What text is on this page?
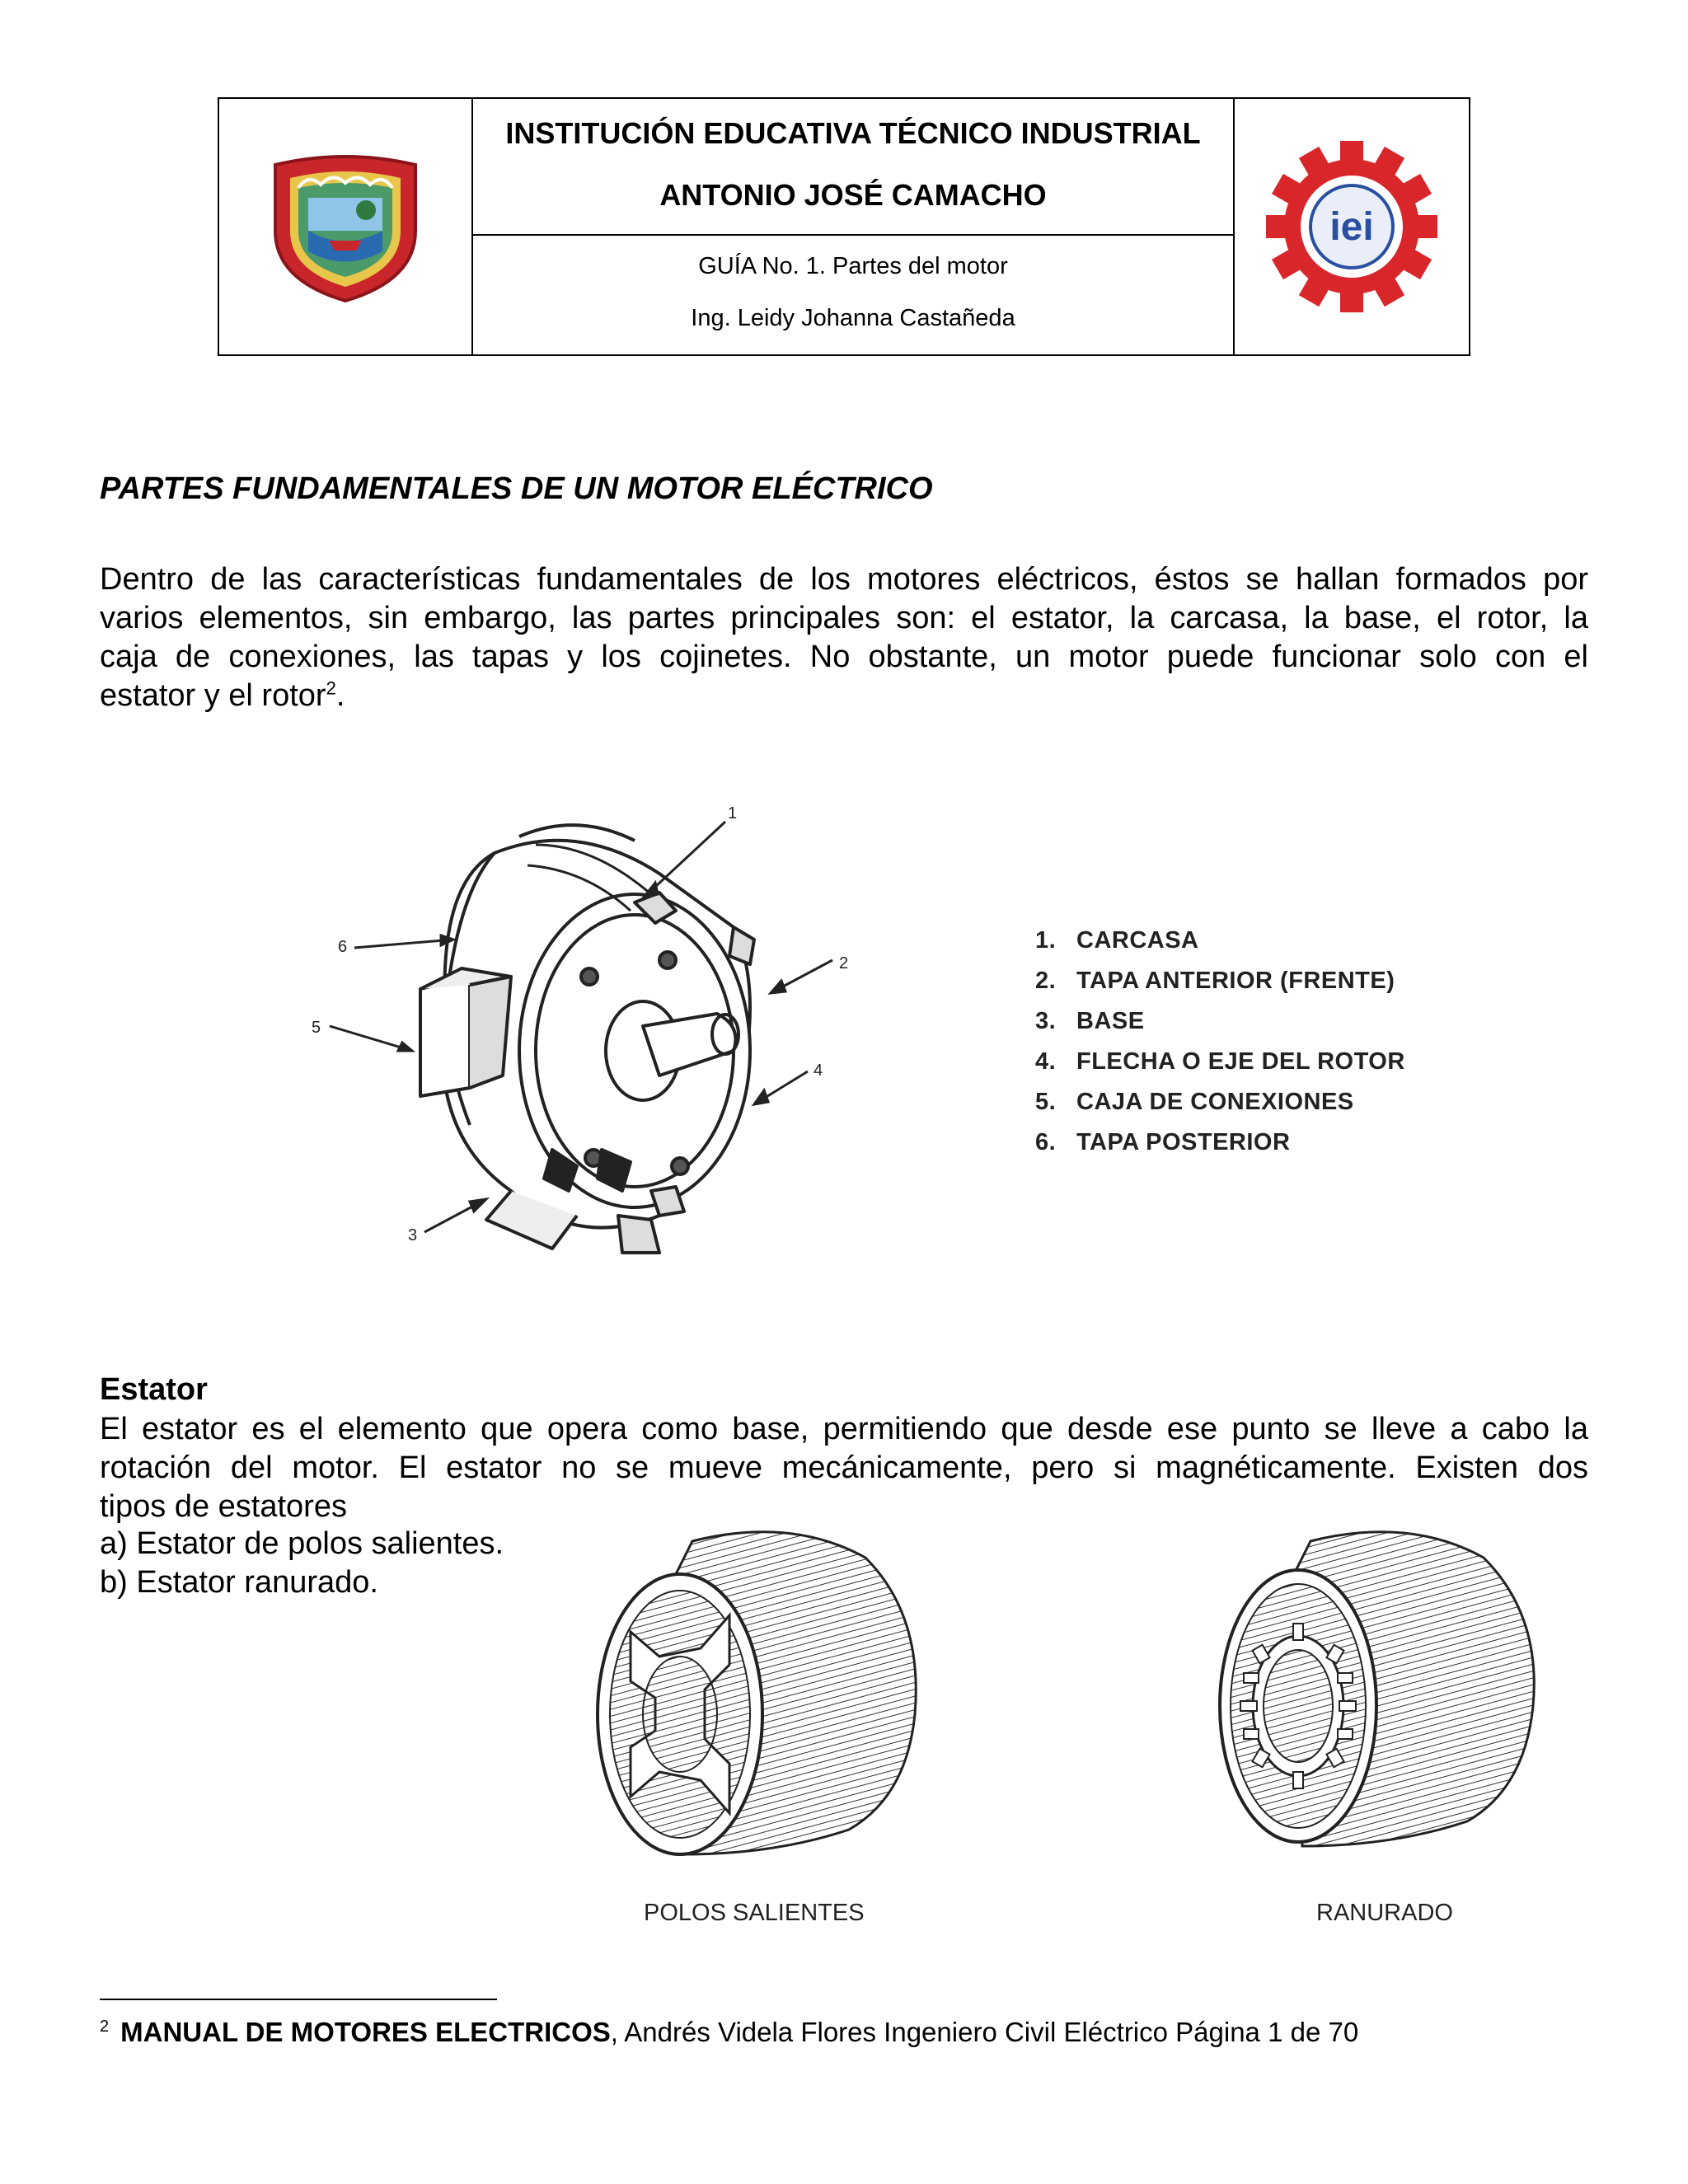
INSTITUCIÓN EDUCATIVA TÉCNICO INDUSTRIAL
ANTONIO JOSÉ CAMACHO
GUÍA No. 1. Partes del motor
Ing. Leidy Johanna Castañeda
iei
PARTES FUNDAMENTALES DE UN MOTOR ELÉCTRICO
Dentro de las características fundamentales de los motores eléctricos, éstos se hallan formados por
varios elementos, sin embargo, las partes principales son: el estator, la carcasa, la base, el rotor, la
caja de conexiones, las tapas y los cojinetes. No obstante, un motor puede funcionar solo con el
estator y el rotor$^2$.
1
2
3
4
5
6	1. CARCASA
2. TAPA ANTERIOR (FRENTE)
3. BASE
4. FLECHA O EJE DEL ROTOR
5. CAJA DE CONEXIONES
6. TAPA POSTERIOR
Estator
El estator es el elemento que opera como base, permitiendo que desde ese punto se lleve a cabo la
rotación del motor. El estator no se mueve mecánicamente, pero si magnéticamente. Existen dos
tipos de estatores
a) Estator de polos salientes.
b) Estator ranurado.
POLOS SALIENTES	RANURADO
$^2$ MANUAL DE MOTORES ELECTRICOS, Andrés Videla Flores Ingeniero Civil Eléctrico Página 1 de 70
